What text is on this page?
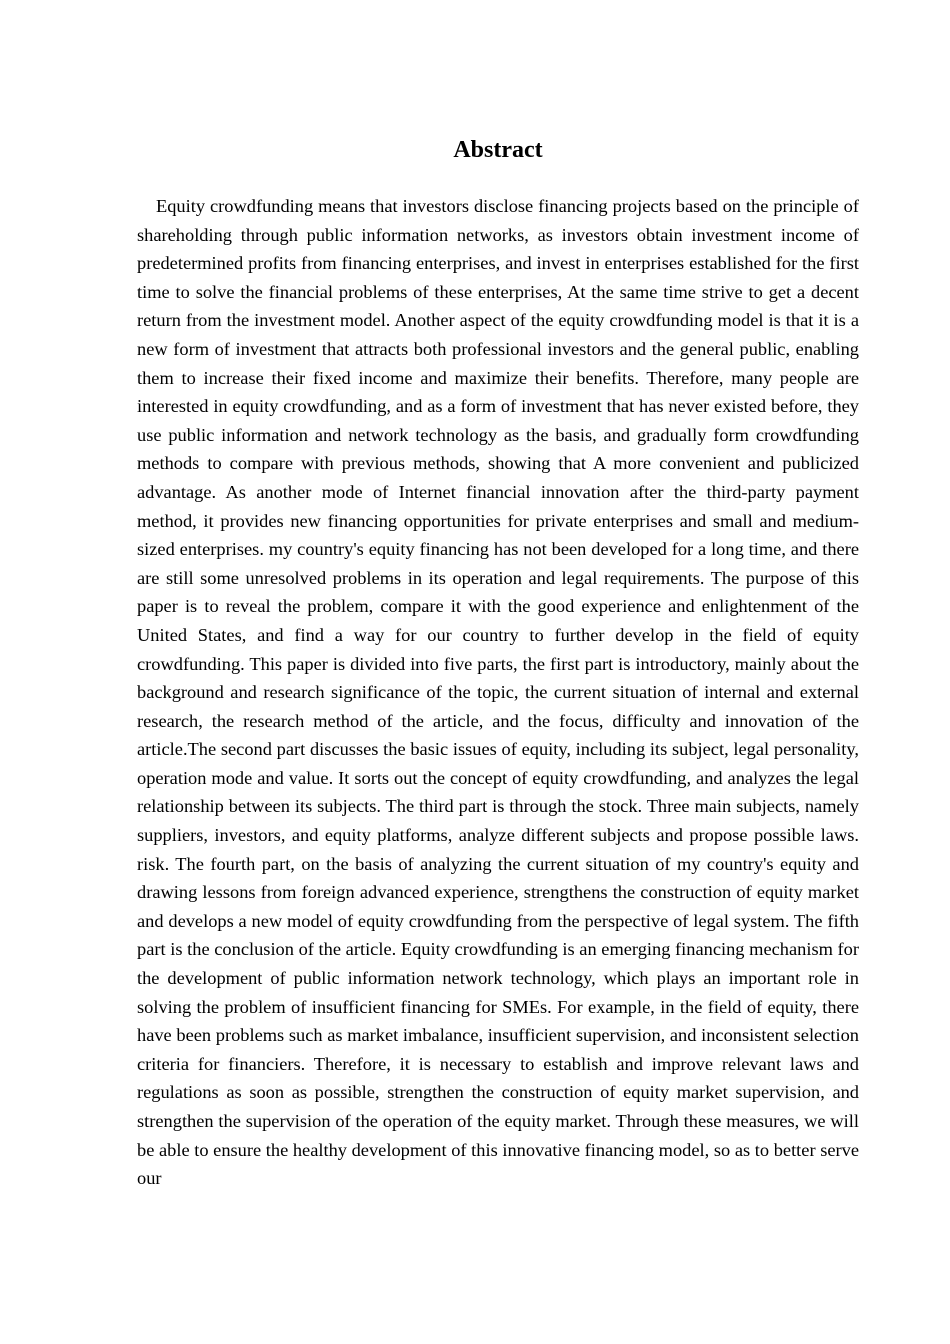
Abstract

Equity crowdfunding means that investors disclose financing projects based on the principle of shareholding through public information networks, as investors obtain investment income of predetermined profits from financing enterprises, and invest in enterprises established for the first time to solve the financial problems of these enterprises, At the same time strive to get a decent return from the investment model. Another aspect of the equity crowdfunding model is that it is a new form of investment that attracts both professional investors and the general public, enabling them to increase their fixed income and maximize their benefits. Therefore, many people are interested in equity crowdfunding, and as a form of investment that has never existed before, they use public information and network technology as the basis, and gradually form crowdfunding methods to compare with previous methods, showing that A more convenient and publicized advantage. As another mode of Internet financial innovation after the third-party payment method, it provides new financing opportunities for private enterprises and small and medium-sized enterprises. my country's equity financing has not been developed for a long time, and there are still some unresolved problems in its operation and legal requirements. The purpose of this paper is to reveal the problem, compare it with the good experience and enlightenment of the United States, and find a way for our country to further develop in the field of equity crowdfunding. This paper is divided into five parts, the first part is introductory, mainly about the background and research significance of the topic, the current situation of internal and external research, the research method of the article, and the focus, difficulty and innovation of the article.The second part discusses the basic issues of equity, including its subject, legal personality, operation mode and value. It sorts out the concept of equity crowdfunding, and analyzes the legal relationship between its subjects. The third part is through the stock. Three main subjects, namely suppliers, investors, and equity platforms, analyze different subjects and propose possible laws. risk. The fourth part, on the basis of analyzing the current situation of my country's equity and drawing lessons from foreign advanced experience, strengthens the construction of equity market and develops a new model of equity crowdfunding from the perspective of legal system. The fifth part is the conclusion of the article. Equity crowdfunding is an emerging financing mechanism for the development of public information network technology, which plays an important role in solving the problem of insufficient financing for SMEs. For example, in the field of equity, there have been problems such as market imbalance, insufficient supervision, and inconsistent selection criteria for financiers. Therefore, it is necessary to establish and improve relevant laws and regulations as soon as possible, strengthen the construction of equity market supervision, and strengthen the supervision of the operation of the equity market. Through these measures, we will be able to ensure the healthy development of this innovative financing model, so as to better serve our
